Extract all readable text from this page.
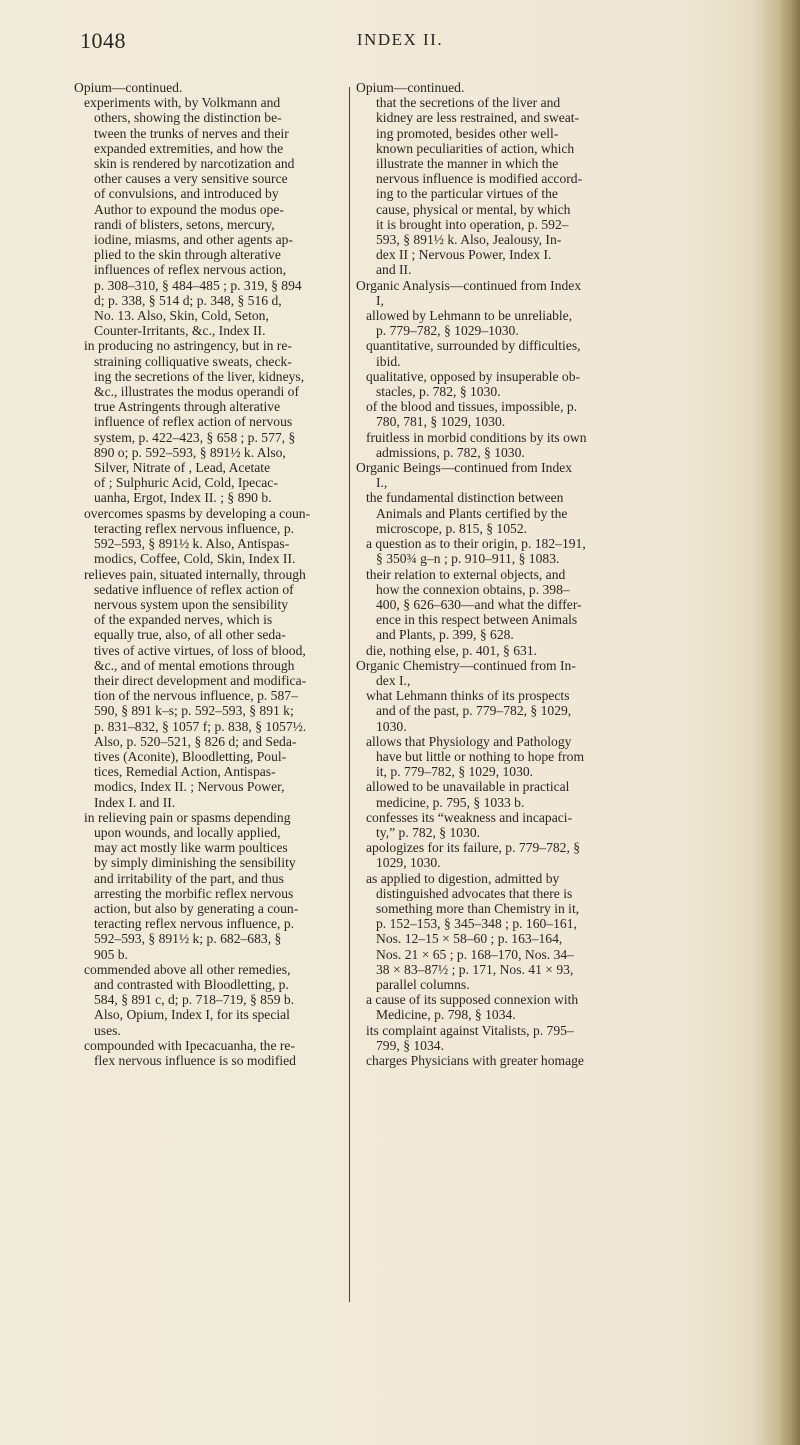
1048	INDEX II.
Opium—continued.
experiments with, by Volkmann and
others, showing the distinction be-
tween the trunks of nerves and their
expanded extremities, and how the
skin is rendered by narcotization and
other causes a very sensitive source
of convulsions, and introduced by
Author to expound the modus ope-
randi of blisters, setons, mercury,
iodine, miasms, and other agents ap-
plied to the skin through alterative
influences of reflex nervous action,
p. 308–310, § 484–485 ; p. 319, § 894
d; p. 338, § 514 d; p. 348, § 516 d,
No. 13. Also, Skin, Cold, Seton,
Counter-Irritants, &c., Index II.
in producing no astringency, but in re-
straining colliquative sweats, check-
ing the secretions of the liver, kidneys,
&c., illustrates the modus operandi of
true Astringents through alterative
influence of reflex action of nervous
system, p. 422–423, § 658 ; p. 577, §
890 o; p. 592–593, § 891½ k. Also,
Silver, Nitrate of , Lead, Acetate
of ; Sulphuric Acid, Cold, Ipecac-
uanha, Ergot, Index II. ; § 890 b.
overcomes spasms by developing a coun-
teracting reflex nervous influence, p.
592–593, § 891½ k. Also, Antispas-
modics, Coffee, Cold, Skin, Index II.
relieves pain, situated internally, through
sedative influence of reflex action of
nervous system upon the sensibility
of the expanded nerves, which is
equally true, also, of all other seda-
tives of active virtues, of loss of blood,
&c., and of mental emotions through
their direct development and modifica-
tion of the nervous influence, p. 587–
590, § 891 k–s; p. 592–593, § 891 k;
p. 831–832, § 1057 f; p. 838, § 1057½.
Also, p. 520–521, § 826 d; and Seda-
tives (Aconite), Bloodletting, Poul-
tices, Remedial Action, Antispas-
modics, Index II. ; Nervous Power,
Index I. and II.
in relieving pain or spasms depending
upon wounds, and locally applied,
may act mostly like warm poultices
by simply diminishing the sensibility
and irritability of the part, and thus
arresting the morbific reflex nervous
action, but also by generating a coun-
teracting reflex nervous influence, p.
592–593, § 891½ k; p. 682–683, §
905 b.
commended above all other remedies,
and contrasted with Bloodletting, p.
584, § 891 c, d; p. 718–719, § 859 b.
Also, Opium, Index I, for its special
uses.
compounded with Ipecacuanha, the re-
flex nervous influence is so modified
Opium—continued.
that the secretions of the liver and
kidney are less restrained, and sweat-
ing promoted, besides other well-
known peculiarities of action, which
illustrate the manner in which the
nervous influence is modified accord-
ing to the particular virtues of the
cause, physical or mental, by which
it is brought into operation, p. 592–
593, § 891½ k. Also, Jealousy, In-
dex II ; Nervous Power, Index I.
and II.
Organic Analysis—continued from Index
I,
allowed by Lehmann to be unreliable,
p. 779–782, § 1029–1030.
quantitative, surrounded by difficulties,
ibid.
qualitative, opposed by insuperable ob-
stacles, p. 782, § 1030.
of the blood and tissues, impossible, p.
780, 781, § 1029, 1030.
fruitless in morbid conditions by its own
admissions, p. 782, § 1030.
Organic Beings—continued from Index
I.,
the fundamental distinction between
Animals and Plants certified by the
microscope, p. 815, § 1052.
a question as to their origin, p. 182–191,
§ 350¾ g–n ; p. 910–911, § 1083.
their relation to external objects, and
how the connexion obtains, p. 398–
400, § 626–630—and what the differ-
ence in this respect between Animals
and Plants, p. 399, § 628.
die, nothing else, p. 401, § 631.
Organic Chemistry—continued from In-
dex I.,
what Lehmann thinks of its prospects
and of the past, p. 779–782, § 1029,
1030.
allows that Physiology and Pathology
have but little or nothing to hope from
it, p. 779–782, § 1029, 1030.
allowed to be unavailable in practical
medicine, p. 795, § 1033 b.
confesses its “weakness and incapaci-
ty,” p. 782, § 1030.
apologizes for its failure, p. 779–782, §
1029, 1030.
as applied to digestion, admitted by
distinguished advocates that there is
something more than Chemistry in it,
p. 152–153, § 345–348 ; p. 160–161,
Nos. 12–15 × 58–60 ; p. 163–164,
Nos. 21 × 65 ; p. 168–170, Nos. 34–
38 × 83–87½ ; p. 171, Nos. 41 × 93,
parallel columns.
a cause of its supposed connexion with
Medicine, p. 798, § 1034.
its complaint against Vitalists, p. 795–
799, § 1034.
charges Physicians with greater homage
